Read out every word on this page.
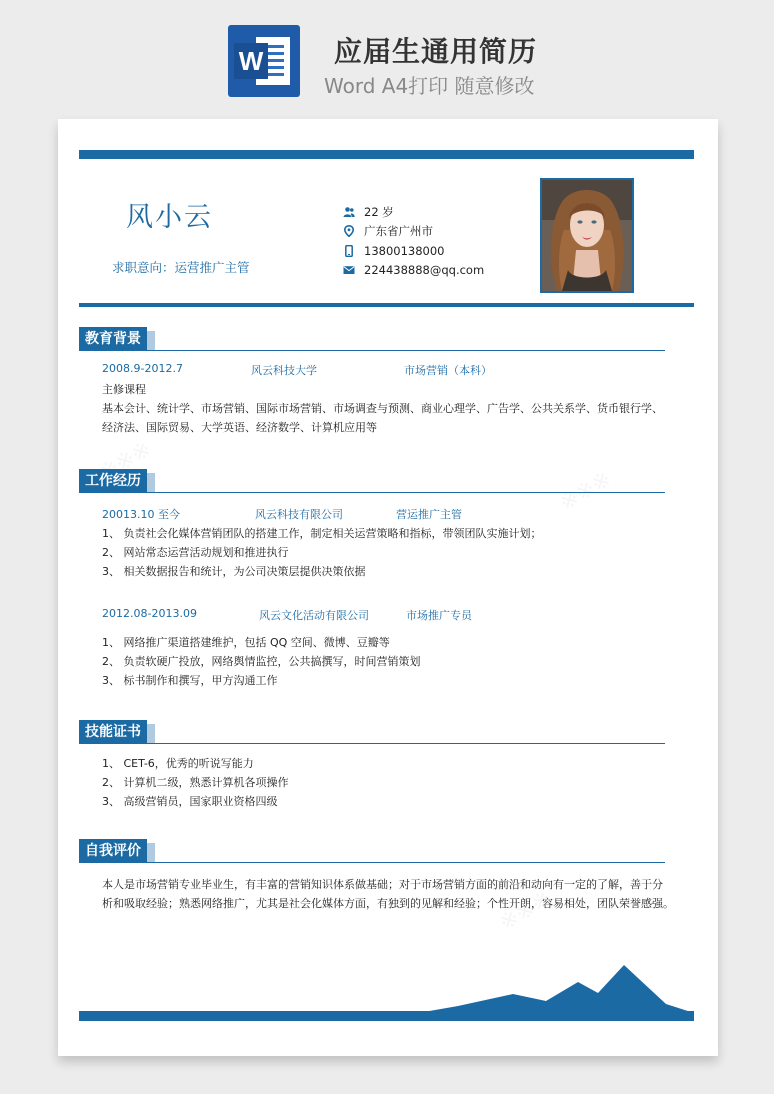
W	应届生通用简历
Word A4打印 随意修改
风小云
求职意向：运营推广主管
22 岁
广东省广州市
13800138000
224438888@qq.com
教育背景
2008.9-2012.7	风云科技大学	市场营销（本科）
主修课程
基本会计、统计学、市场营销、国际市场营销、市场调查与预测、商业心理学、广告学、公共关系学、货币银行学、
经济法、国际贸易、大学英语、经济数学、计算机应用等
工作经历
20013.10 至今	风云科技有限公司	营运推广主管
1、 负责社会化媒体营销团队的搭建工作，制定相关运营策略和指标，带领团队实施计划；
2、 网站常态运营活动规划和推进执行
3、 相关数据报告和统计，为公司决策层提供决策依据
2012.08-2013.09	风云文化活动有限公司	市场推广专员
1、 网络推广渠道搭建维护，包括 QQ 空间、微博、豆瓣等
2、 负责软硬广投放，网络舆情监控，公共搞撰写，时间营销策划
3、 标书制作和撰写，甲方沟通工作
技能证书
1、 CET-6，优秀的听说写能力
2、 计算机二级，熟悉计算机各项操作
3、 高级营销员，国家职业资格四级
自我评价
本人是市场营销专业毕业生，有丰富的营销知识体系做基础；对于市场营销方面的前沿和动向有一定的了解，善于分
析和吸取经验；熟悉网络推广，尤其是社会化媒体方面，有独到的见解和经验；个性开朗，容易相处，团队荣誉感强。
